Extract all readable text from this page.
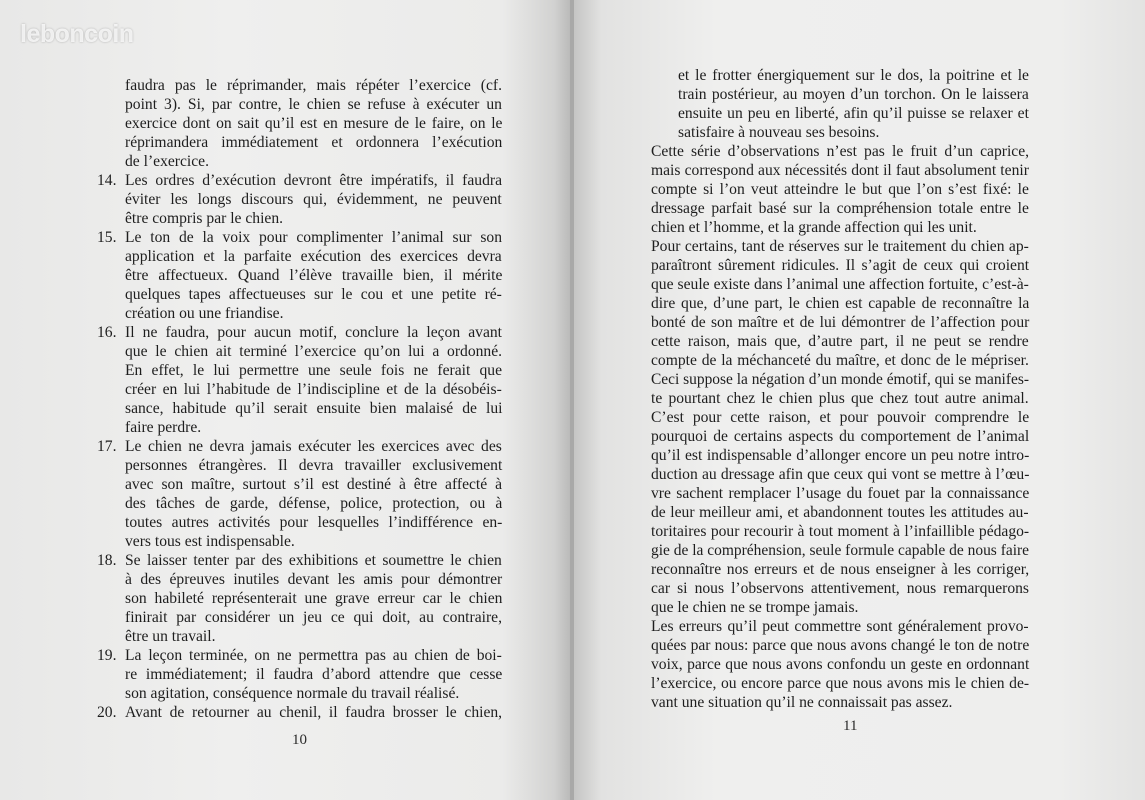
faudra pas le réprimander, mais répéter l’exercice (cf.
point 3). Si, par contre, le chien se refuse à exécuter un
exercice dont on sait qu’il est en mesure de le faire, on le
réprimandera immédiatement et ordonnera l’exécution
de l’exercice.
Les ordres d’exécution devront être impératifs, il faudra
éviter les longs discours qui, évidemment, ne peuvent
être compris par le chien.
Le ton de la voix pour complimenter l’animal sur son
application et la parfaite exécution des exercices devra
être affectueux. Quand l’élève travaille bien, il mérite
quelques tapes affectueuses sur le cou et une petite ré-
création ou une friandise.
Il ne faudra, pour aucun motif, conclure la leçon avant
que le chien ait terminé l’exercice qu’on lui a ordonné.
En effet, le lui permettre une seule fois ne ferait que
créer en lui l’habitude de l’indiscipline et de la désobéis-
sance, habitude qu’il serait ensuite bien malaisé de lui
faire perdre.
Le chien ne devra jamais exécuter les exercices avec des
personnes étrangères. Il devra travailler exclusivement
avec son maître, surtout s’il est destiné à être affecté à
des tâches de garde, défense, police, protection, ou à
toutes autres activités pour lesquelles l’indifférence en-
vers tous est indispensable.
Se laisser tenter par des exhibitions et soumettre le chien
à des épreuves inutiles devant les amis pour démontrer
son habileté représenterait une grave erreur car le chien
finirait par considérer un jeu ce qui doit, au contraire,
être un travail.
La leçon terminée, on ne permettra pas au chien de boi-
re immédiatement; il faudra d’abord attendre que cesse
son agitation, conséquence normale du travail réalisé.
Avant de retourner au chenil, il faudra brosser le chien,
14.
15.
16.
17.
18.
19.
20.
et le frotter énergiquement sur le dos, la poitrine et le
train postérieur, au moyen d’un torchon. On le laissera
ensuite un peu en liberté, afin qu’il puisse se relaxer et
satisfaire à nouveau ses besoins.
Cette série d’observations n’est pas le fruit d’un caprice,
mais correspond aux nécessités dont il faut absolument tenir
compte si l’on veut atteindre le but que l’on s’est fixé: le
dressage parfait basé sur la compréhension totale entre le
chien et l’homme, et la grande affection qui les unit.
Pour certains, tant de réserves sur le traitement du chien ap-
paraîtront sûrement ridicules. Il s’agit de ceux qui croient
que seule existe dans l’animal une affection fortuite, c’est-à-
dire que, d’une part, le chien est capable de reconnaître la
bonté de son maître et de lui démontrer de l’affection pour
cette raison, mais que, d’autre part, il ne peut se rendre
compte de la méchanceté du maître, et donc de le mépriser.
Ceci suppose la négation d’un monde émotif, qui se manifes-
te pourtant chez le chien plus que chez tout autre animal.
C’est pour cette raison, et pour pouvoir comprendre le
pourquoi de certains aspects du comportement de l’animal
qu’il est indispensable d’allonger encore un peu notre intro-
duction au dressage afin que ceux qui vont se mettre à l’œu-
vre sachent remplacer l’usage du fouet par la connaissance
de leur meilleur ami, et abandonnent toutes les attitudes au-
toritaires pour recourir à tout moment à l’infaillible pédago-
gie de la compréhension, seule formule capable de nous faire
reconnaître nos erreurs et de nous enseigner à les corriger,
car si nous l’observons attentivement, nous remarquerons
que le chien ne se trompe jamais.
Les erreurs qu’il peut commettre sont généralement provo-
quées par nous: parce que nous avons changé le ton de notre
voix, parce que nous avons confondu un geste en ordonnant
l’exercice, ou encore parce que nous avons mis le chien de-
vant une situation qu’il ne connaissait pas assez.
10
11
leboncoin
